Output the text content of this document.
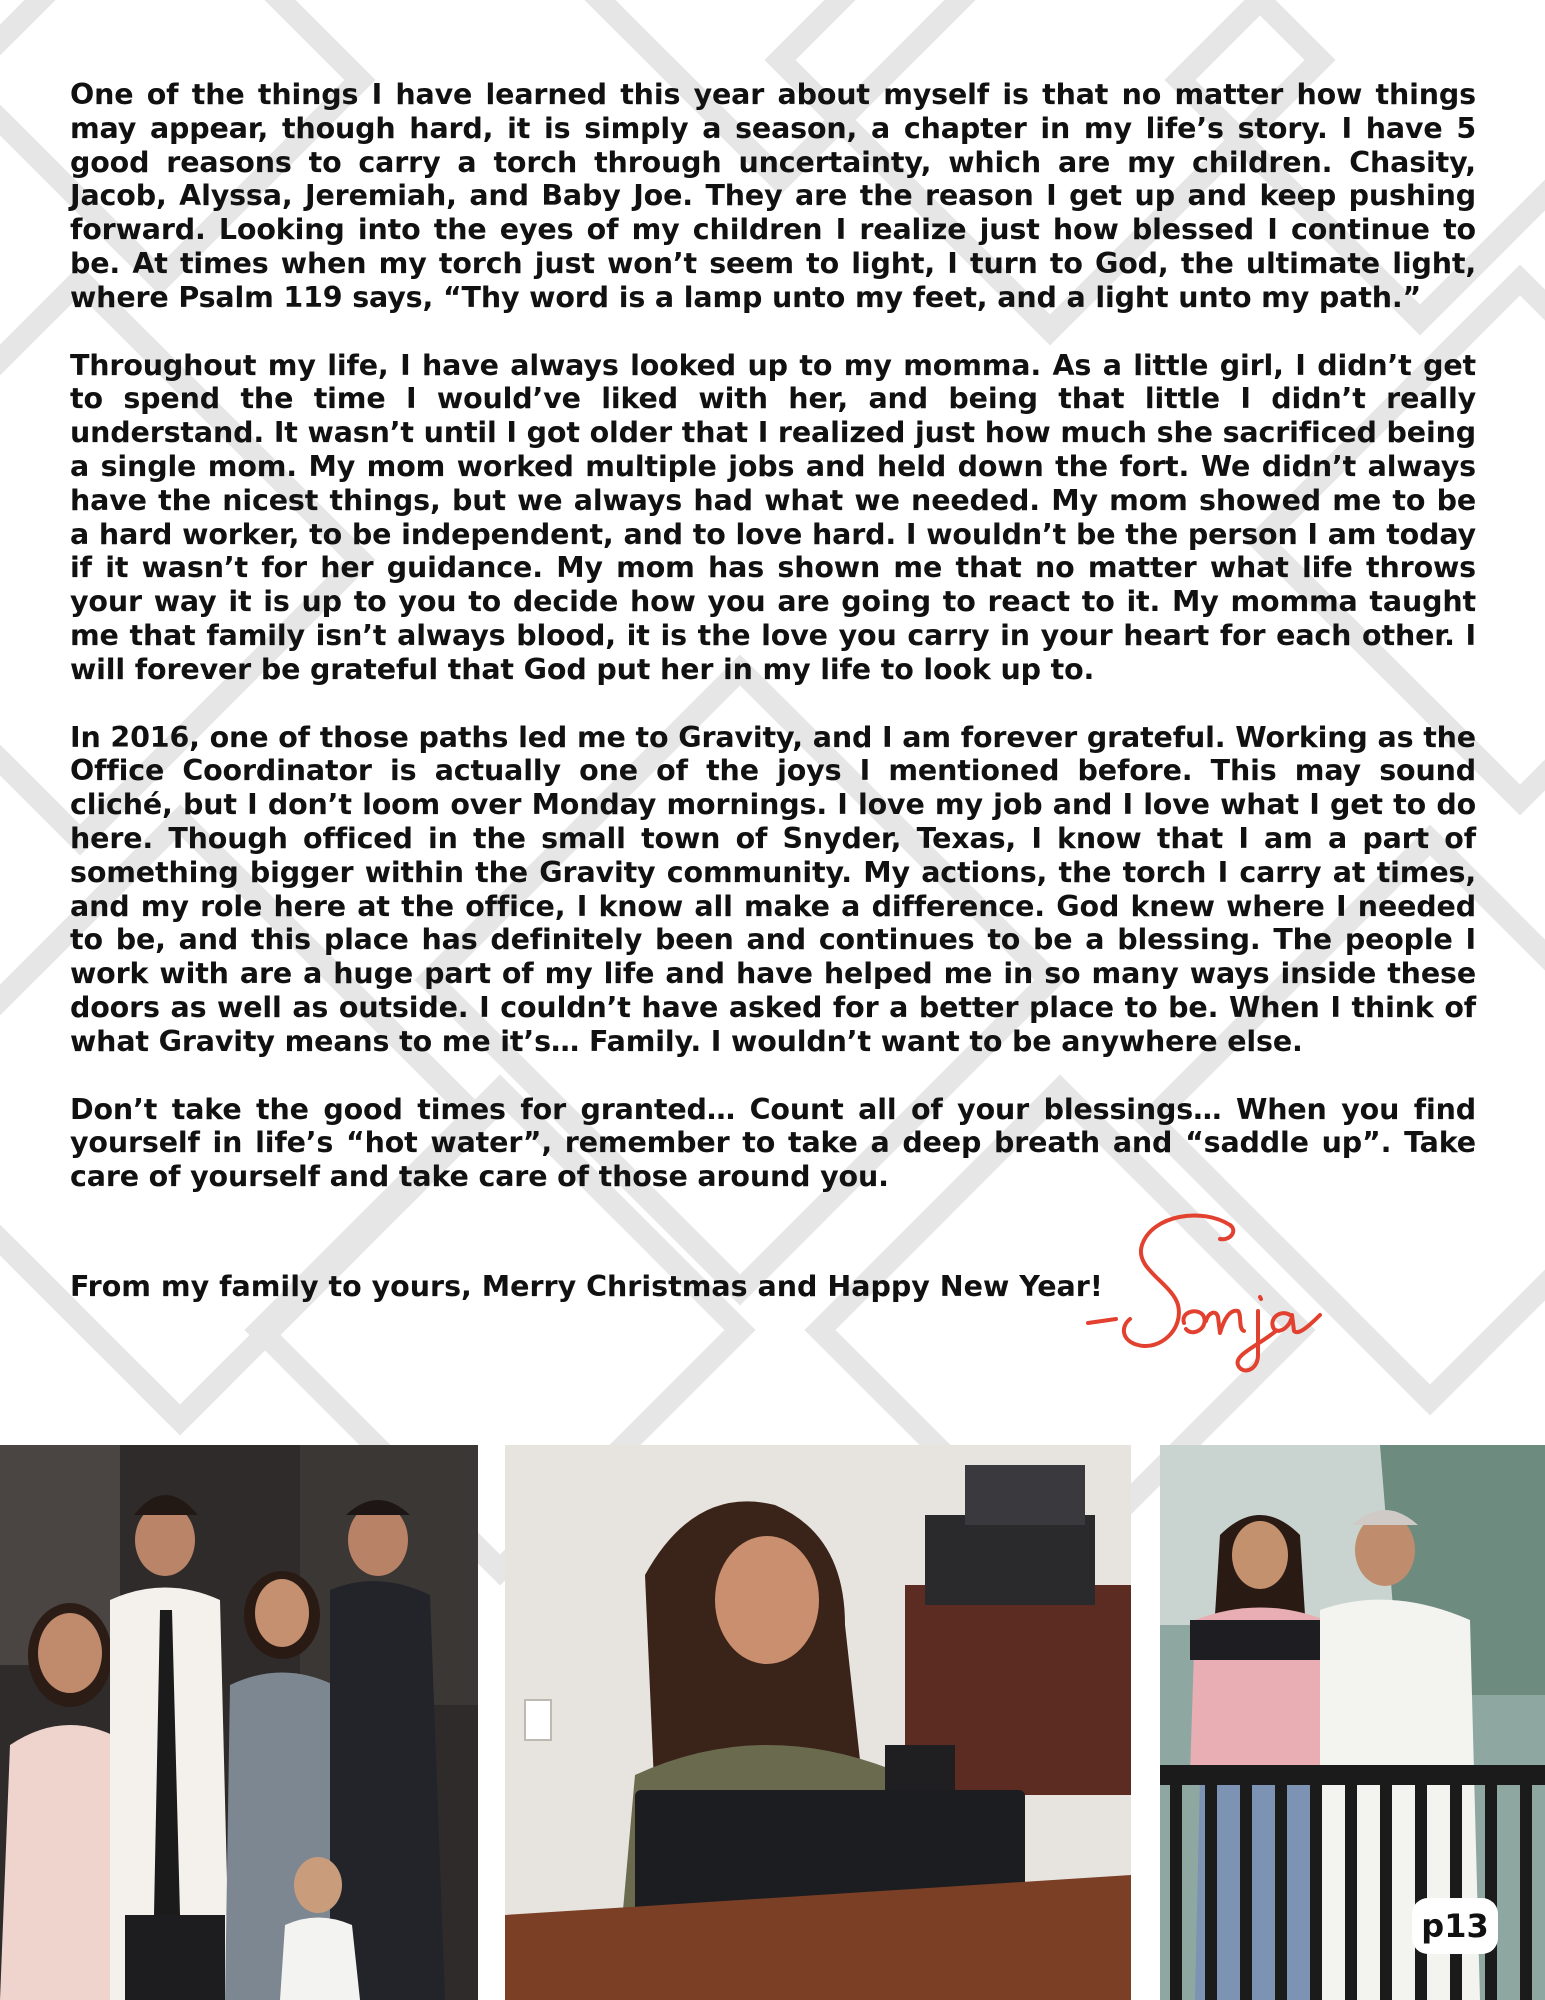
One of the things I have learned this year about myself is that no matter how things may appear, though hard, it is simply a season, a chapter in my life’s story. I have 5 good reasons to carry a torch through uncertainty, which are my children. Chasity, Jacob, Alyssa, Jeremiah, and Baby Joe. They are the reason I get up and keep pushing forward. Looking into the eyes of my children I realize just how blessed I continue to be. At times when my torch just won’t seem to light, I turn to God, the ultimate light, where Psalm 119 says, “Thy word is a lamp unto my feet, and a light unto my path.”

Throughout my life, I have always looked up to my momma. As a little girl, I didn’t get to spend the time I would’ve liked with her, and being that little I didn’t really understand. It wasn’t until I got older that I realized just how much she sacrificed being a single mom. My mom worked multiple jobs and held down the fort. We didn’t always have the nicest things, but we always had what we needed. My mom showed me to be a hard worker, to be independent, and to love hard. I wouldn’t be the person I am today if it wasn’t for her guidance. My mom has shown me that no matter what life throws your way it is up to you to decide how you are going to react to it. My momma taught me that family isn’t always blood, it is the love you carry in your heart for each other. I will forever be grateful that God put her in my life to look up to.

In 2016, one of those paths led me to Gravity, and I am forever grateful. Working as the Office Coordinator is actually one of the joys I mentioned before. This may sound cliché, but I don’t loom over Monday mornings. I love my job and I love what I get to do here. Though officed in the small town of Snyder, Texas, I know that I am a part of something bigger within the Gravity community. My actions, the torch I carry at times, and my role here at the office, I know all make a difference. God knew where I needed to be, and this place has definitely been and continues to be a blessing. The people I work with are a huge part of my life and have helped me in so many ways inside these doors as well as outside. I couldn’t have asked for a better place to be. When I think of what Gravity means to me it’s… Family. I wouldn’t want to be anywhere else.

Don’t take the good times for granted… Count all of your blessings… When you find yourself in life’s “hot water”, remember to take a deep breath and “saddle up”. Take care of yourself and take care of those around you.

From my family to yours, Merry Christmas and Happy New Year!
p13
